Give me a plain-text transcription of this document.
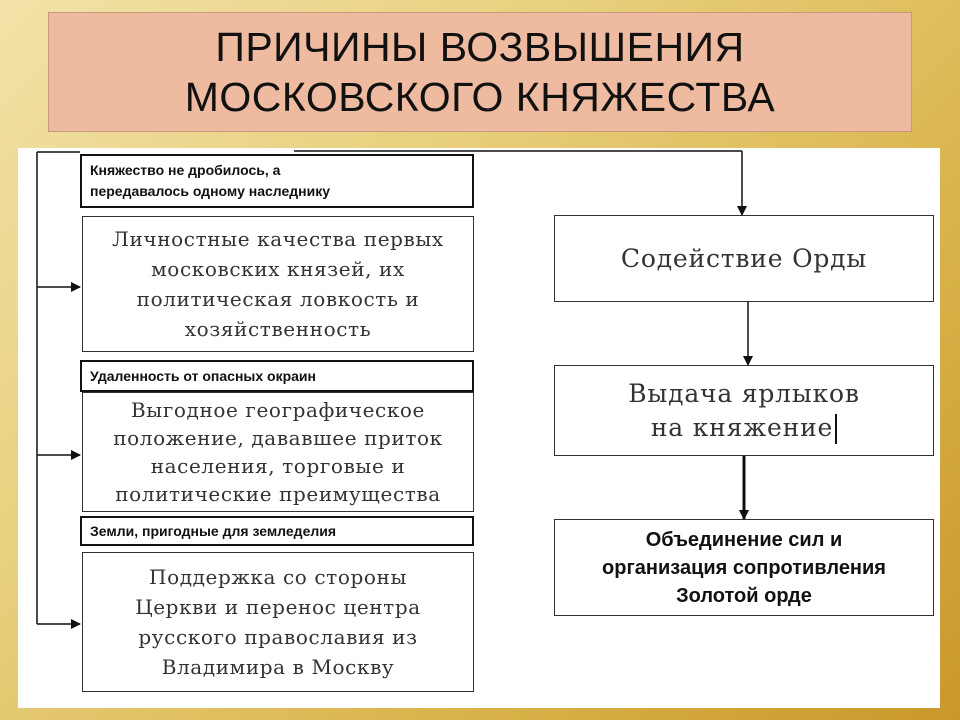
ПРИЧИНЫ ВОЗВЫШЕНИЯ
МОСКОВСКОГО КНЯЖЕСТВА
Княжество не дробилось, а
передавалось одному наследнику
Личностные качества первых
московских князей, их
политическая ловкость и
хозяйственность
Удаленность от опасных окраин
Выгодное географическое
положение, дававшее приток
населения, торговые и
политические преимущества
Земли, пригодные для земледелия
Поддержка со стороны
Церкви и перенос центра
русского православия из
Владимира в Москву
Содействие Орды
Выдача ярлыков
на княжение
Объединение сил и
организация сопротивления
Золотой орде
